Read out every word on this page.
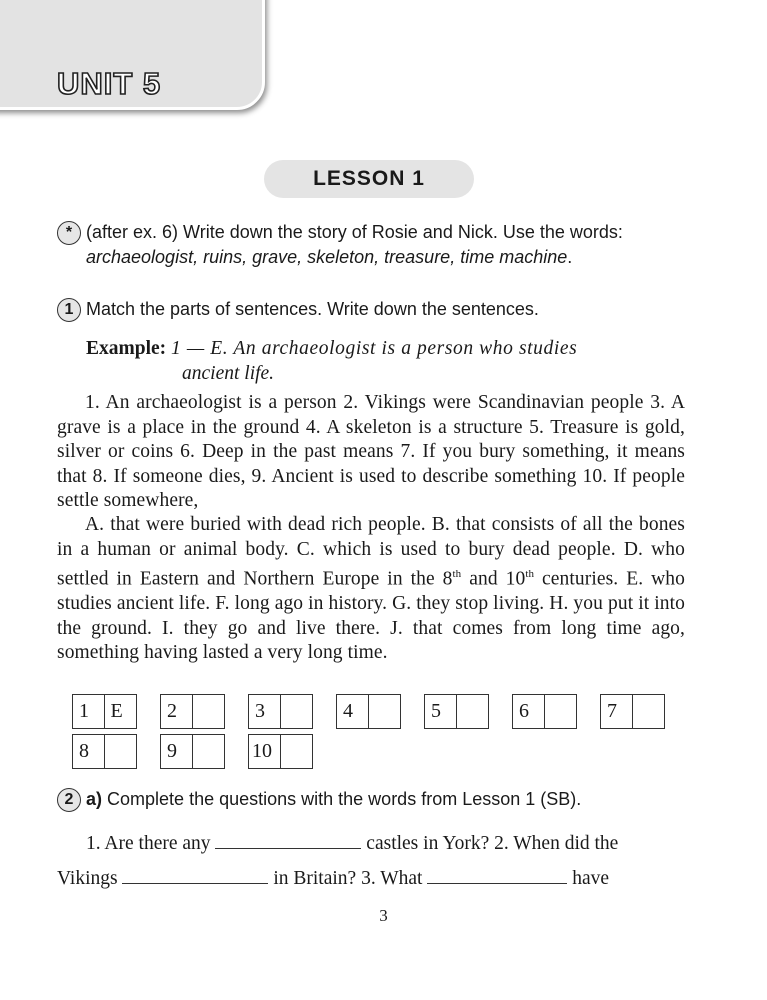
UNIT 5
LESSON 1
* (after ex. 6) Write down the story of Rosie and Nick. Use the words:
archaeologist, ruins, grave, skeleton, treasure, time machine.
1 Match the parts of sentences. Write down the sentences.
Example: 1 — E. An archaeologist is a person who studies
ancient life.

1. An archaeologist is a person 2. Vikings were Scandinavian people 3. A grave is a place in the ground 4. A skeleton is a structure 5. Treasure is gold, silver or coins 6. Deep in the past means 7. If you bury something, it means that 8. If someone dies, 9. Ancient is used to describe something 10. If people settle somewhere,

A. that were buried with dead rich people. B. that consists of all the bones in a human or animal body. C. which is used to bury dead people. D. who settled in Eastern and Northern Europe in the 8th and 10th centuries. E. who studies ancient life. F. long ago in history. G. they stop living. H. you put it into the ground. I. they go and live there. J. that comes from long time ago, something having lasted a very long time.

1	E	2	3	4	5	6	7
8	9	10
2 a) Complete the questions with the words from Lesson 1 (SB).
1. Are there any	castles in York? 2. When did the
Vikings	in Britain? 3. What	have
3
